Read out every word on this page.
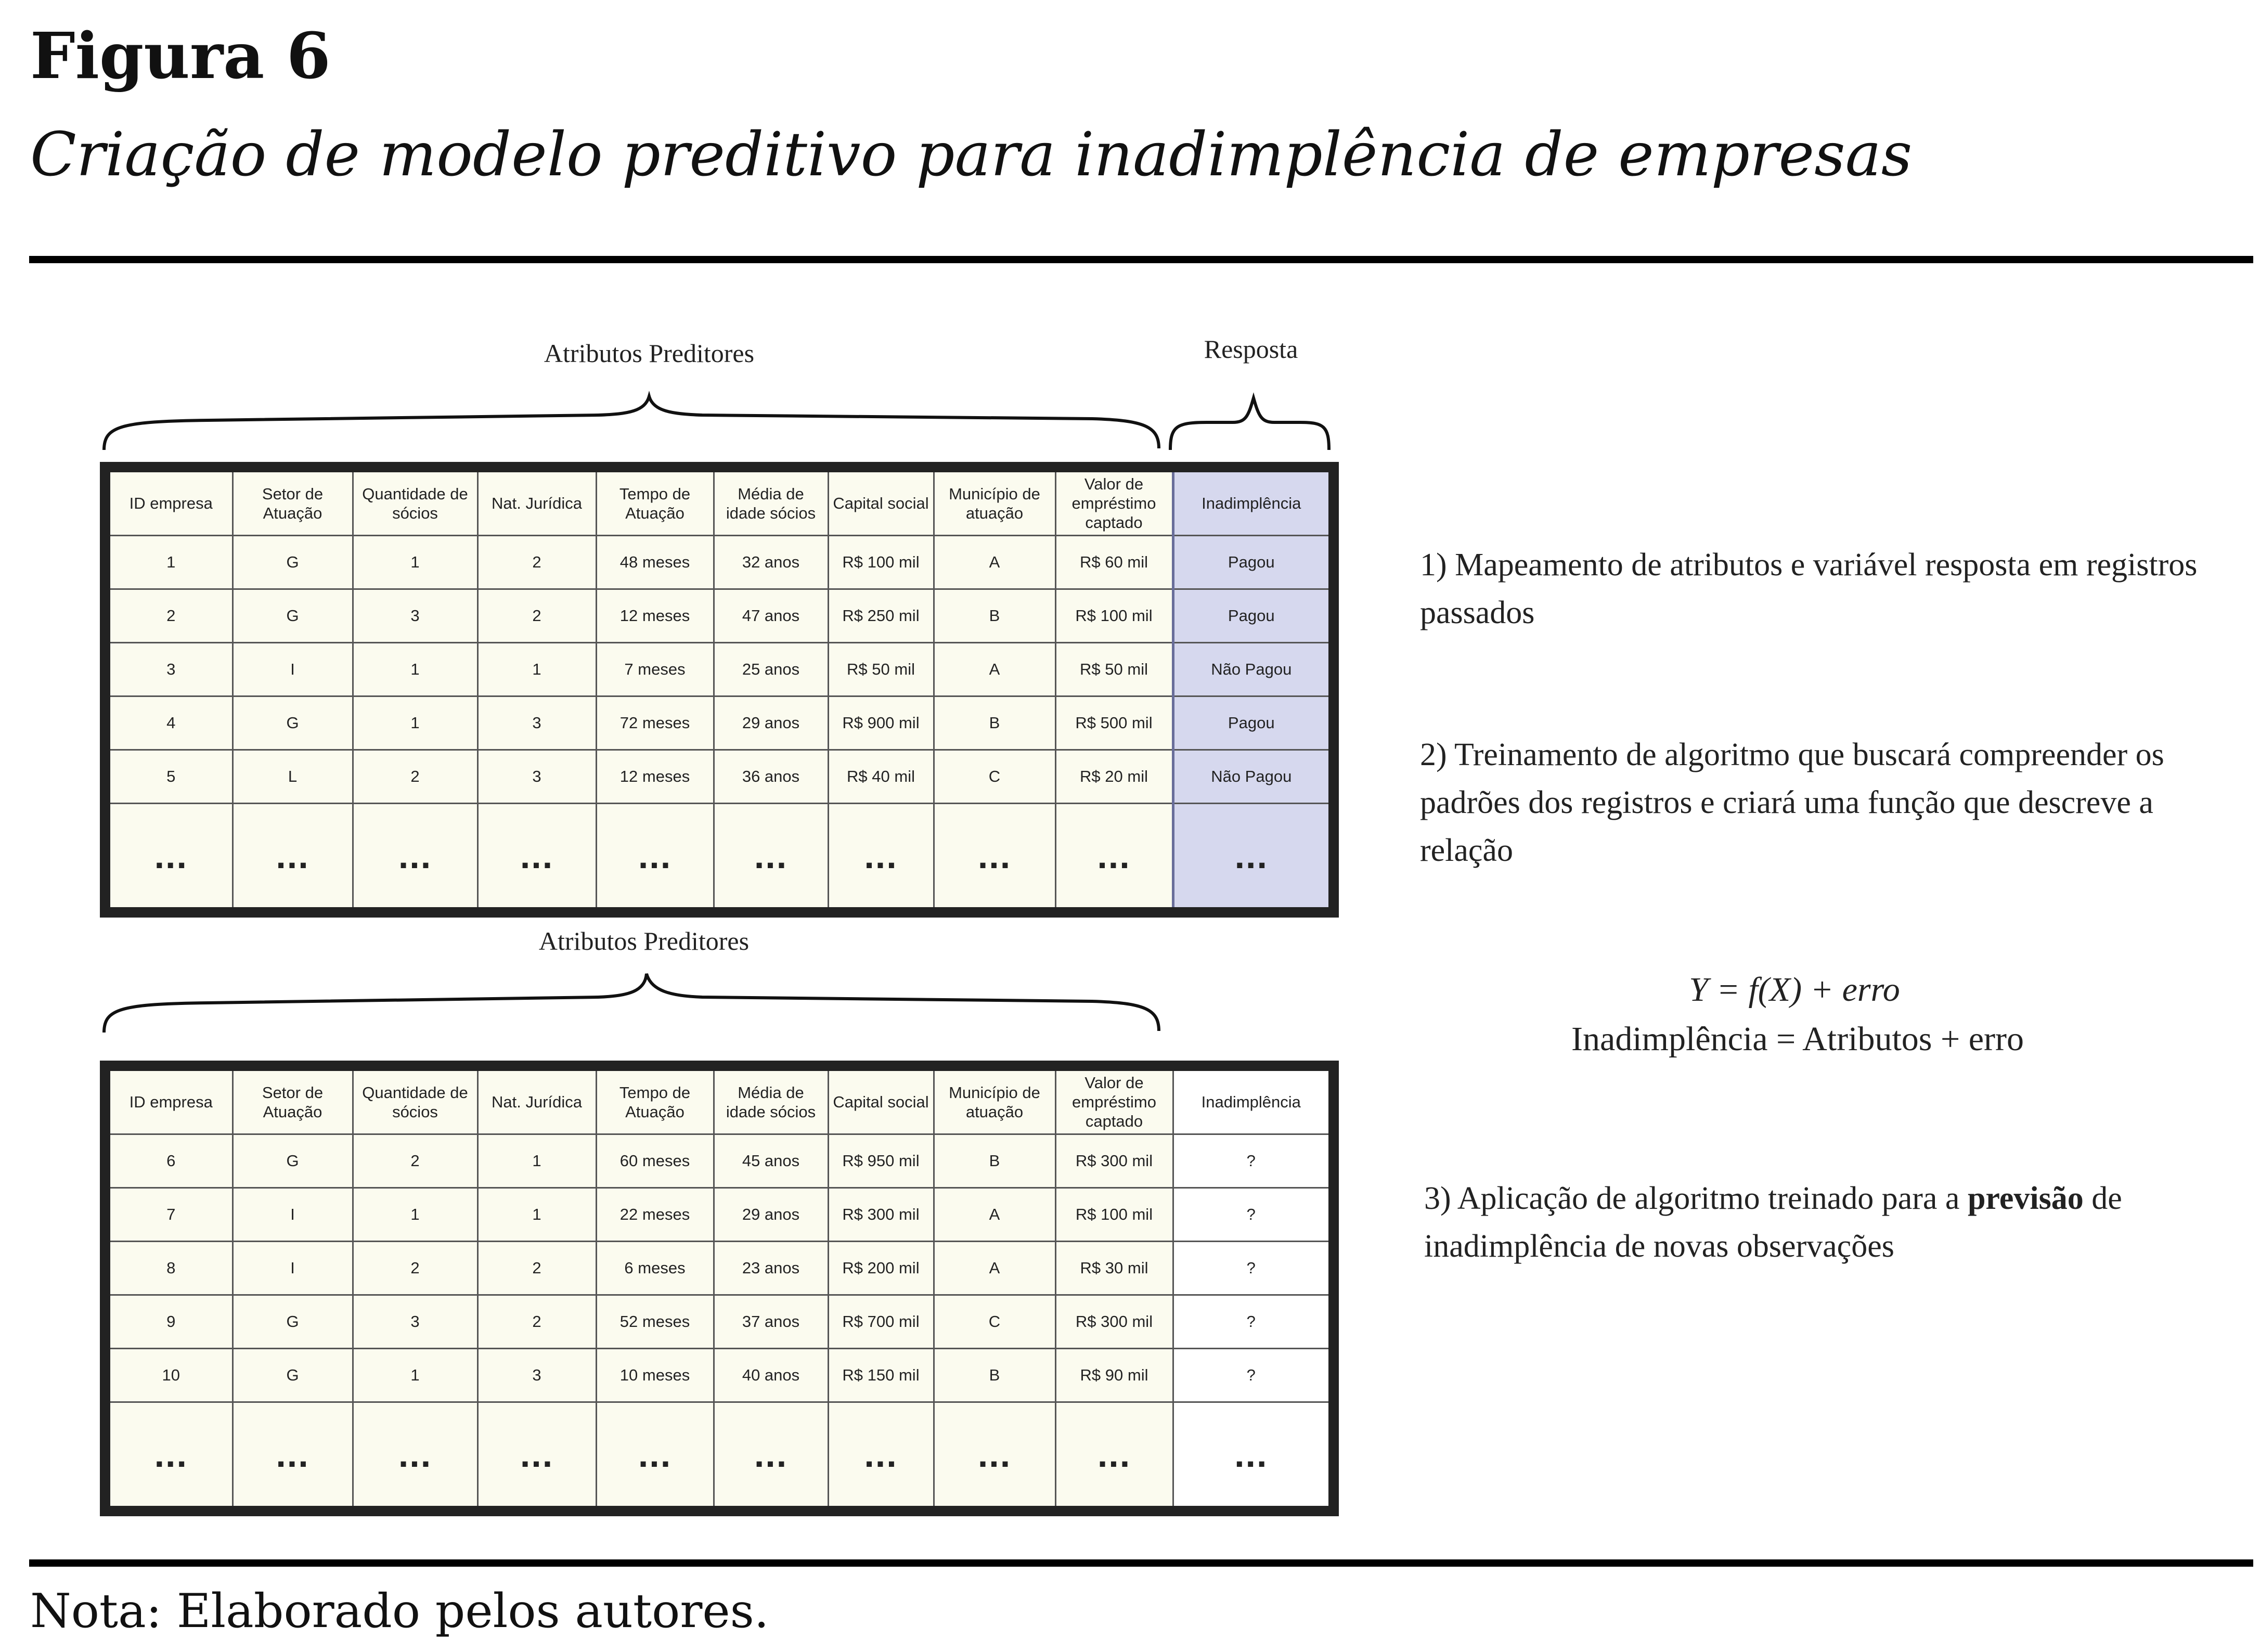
Figura 6
Criação de modelo preditivo para inadimplência de empresas
Atributos Preditores	Resposta
ID empresa	Setor de Atuação	Quantidade de sócios	Nat. Jurídica	Tempo de Atuação	Média de idade sócios	Capital social	Município de atuação	Valor de empréstimo captado	Inadimplência
1	G	1	2	48 meses	32 anos	R$ 100 mil	A	R$ 60 mil	Pagou
2	G	3	2	12 meses	47 anos	R$ 250 mil	B	R$ 100 mil	Pagou
3	I	1	1	7 meses	25 anos	R$ 50 mil	A	R$ 50 mil	Não Pagou
4	G	1	3	72 meses	29 anos	R$ 900 mil	B	R$ 500 mil	Pagou
5	L	2	3	12 meses	36 anos	R$ 40 mil	C	R$ 20 mil	Não Pagou
...	...	...	...	...	...	...	...	...	...
Atributos Preditores
ID empresa	Setor de Atuação	Quantidade de sócios	Nat. Jurídica	Tempo de Atuação	Média de idade sócios	Capital social	Município de atuação	Valor de empréstimo captado	Inadimplência
6	G	2	1	60 meses	45 anos	R$ 950 mil	B	R$ 300 mil	?
7	I	1	1	22 meses	29 anos	R$ 300 mil	A	R$ 100 mil	?
8	I	2	2	6 meses	23 anos	R$ 200 mil	A	R$ 30 mil	?
9	G	3	2	52 meses	37 anos	R$ 700 mil	C	R$ 300 mil	?
10	G	1	3	10 meses	40 anos	R$ 150 mil	B	R$ 90 mil	?
...	...	...	...	...	...	...	...	...	...
1) Mapeamento de atributos e variável resposta em registros passados
2) Treinamento de algoritmo que buscará compreender os padrões dos registros e criará uma função que descreve a relação
Y = f(X) + erro
Inadimplência = Atributos + erro
3) Aplicação de algoritmo treinado para a previsão de inadimplência de novas observações
Nota: Elaborado pelos autores.
